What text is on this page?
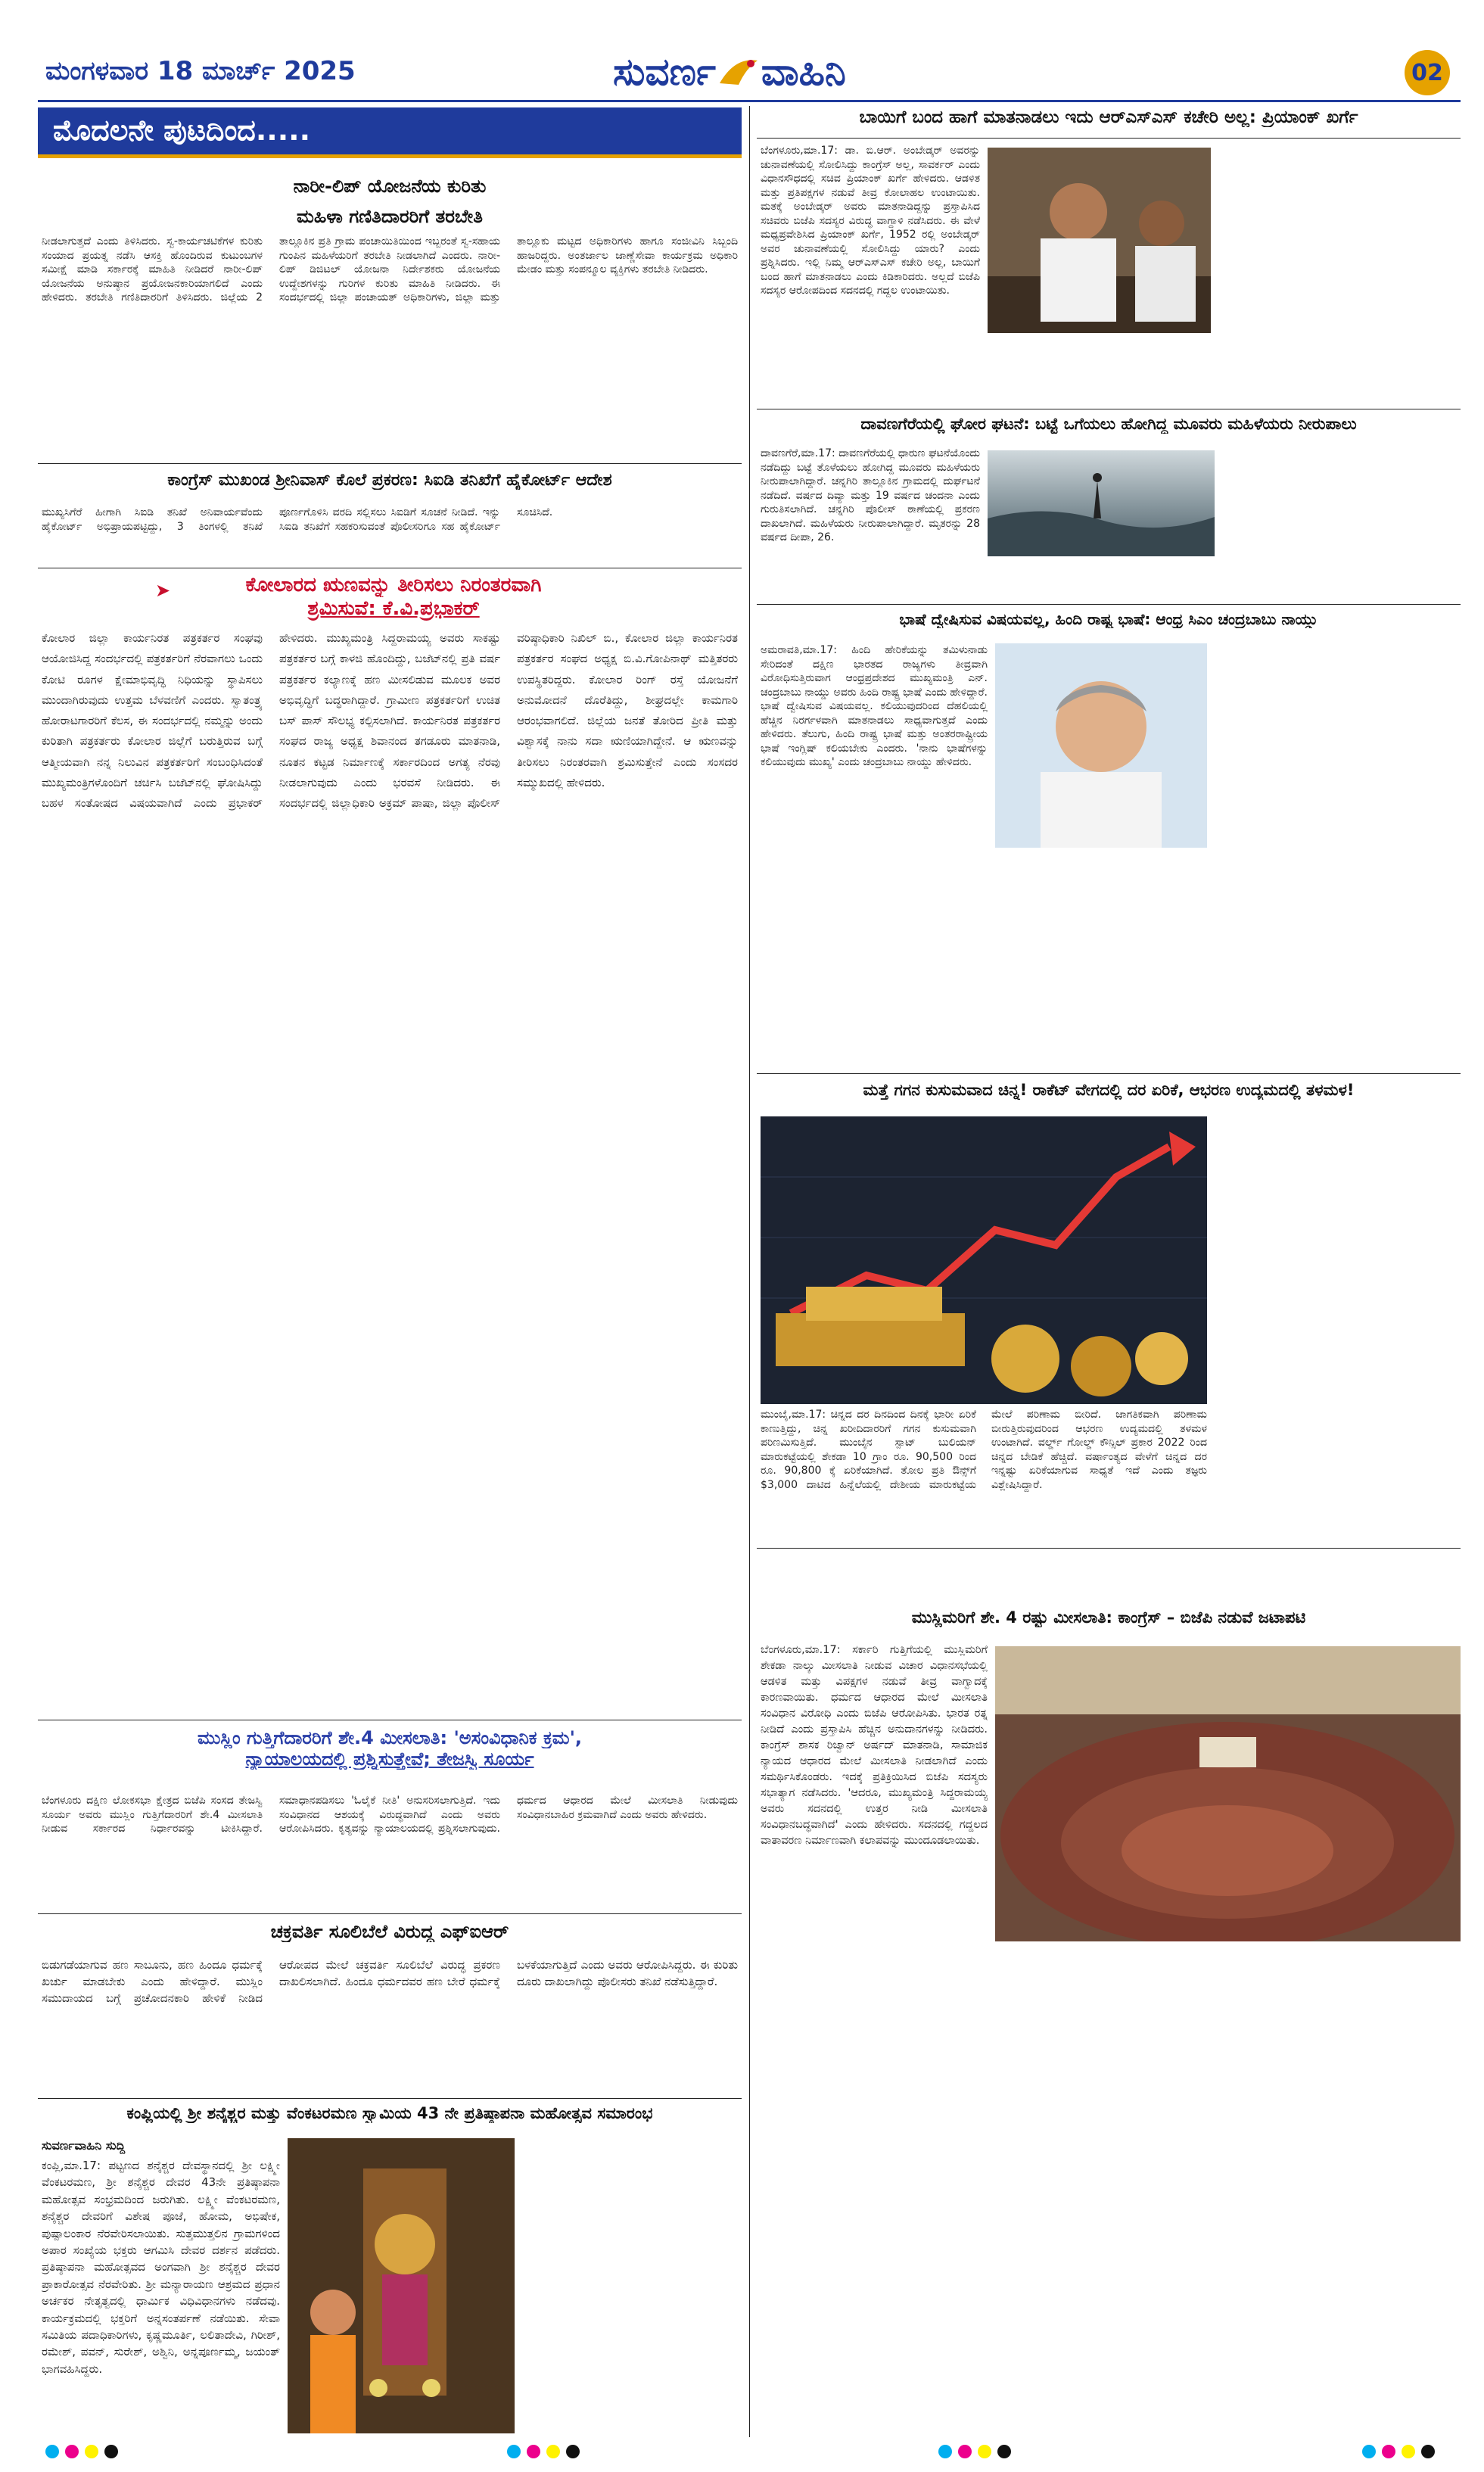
ಮಂಗಳವಾರ 18 ಮಾರ್ಚ್ 2025	ಸುವರ್ಣ ವಾಹಿನಿ	02
ಮೊದಲನೇ ಪುಟದಿಂದ.....
ನಾರೀ-ಲಿಪ್ ಯೋಜನೆಯ ಕುರಿತು
ಮಹಿಳಾ ಗಣಿತಿದಾರರಿಗೆ ತರಬೇತಿ
ನೀಡಲಾಗುತ್ತದೆ ಎಂದು ತಿಳಿಸಿದರು. ಸ್ವ-ಕಾರ್ಯಚಟಿಕೆಗಳ ಕುರಿತು ಸಂಯಾದ ಪ್ರಯತ್ನ ನಡೆಸಿ ಆಸಕ್ತಿ ಹೊಂದಿರುವ ಕುಟುಂಬಗಳ ಸಮೀಕ್ಷೆ ಮಾಡಿ ಸರ್ಕಾರಕ್ಕೆ ಮಾಹಿತಿ ನೀಡಿದರೆ ನಾರೀ-ಲಿಪ್ ಯೋಜನೆಯ ಅನುಷ್ಠಾನ ಪ್ರಯೋಜನಕಾರಿಯಾಗಲಿದೆ ಎಂದು ಹೇಳಿದರು. ತರಬೇತಿ ಗಣಿತಿದಾರರಿಗೆ ತಿಳಿಸಿದರು. ಜಿಲ್ಲೆಯ 2 ತಾಲ್ಲೂಕಿನ ಪ್ರತಿ ಗ್ರಾಮ ಪಂಚಾಯಿತಿಯಿಂದ ಇಬ್ಬರಂತೆ ಸ್ವ-ಸಹಾಯ ಗುಂಪಿನ ಮಹಿಳೆಯರಿಗೆ ತರಬೇತಿ ನೀಡಲಾಗಿದೆ ಎಂದರು. ನಾರೀ-ಲಿಪ್ ಡಿಜಿಟಲ್ ಯೋಜನಾ ನಿರ್ದೇಶಕರು ಯೋಜನೆಯ ಉದ್ದೇಶಗಳನ್ನು ಗುರಿಗಳ ಕುರಿತು ಮಾಹಿತಿ ನೀಡಿದರು. ಈ ಸಂದರ್ಭದಲ್ಲಿ ಜಿಲ್ಲಾ ಪಂಚಾಯತ್ ಅಧಿಕಾರಿಗಳು, ಜಿಲ್ಲಾ ಮತ್ತು ತಾಲ್ಲೂಕು ಮಟ್ಟದ ಅಧಿಕಾರಿಗಳು ಹಾಗೂ ಸಂಜೀವಿನಿ ಸಿಬ್ಬಂದಿ ಹಾಜರಿದ್ದರು. ಅಂತರ್ಜಾಲ ಜಾಣ್ಣೆಸೇವಾ ಕಾರ್ಯಕ್ರಮ ಅಧಿಕಾರಿ ಮೇಡಂ ಮತ್ತು ಸಂಪನ್ಮೂಲ ವ್ಯಕ್ತಿಗಳು ತರಬೇತಿ ನೀಡಿದರು.
ಕಾಂಗ್ರೆಸ್ ಮುಖಂಡ ಶ್ರೀನಿವಾಸ್ ಕೊಲೆ ಪ್ರಕರಣ: ಸಿಐಡಿ ತನಿಖೆಗೆ ಹೈಕೋರ್ಟ್ ಆದೇಶ
ಮುಖ್ಯಸಿಗೆರೆ ಹೀಗಾಗಿ ಸಿಐಡಿ ತನಿಖೆ ಅನಿವಾರ್ಯವೆಂದು ಹೈಕೋರ್ಟ್ ಅಭಿಪ್ರಾಯಪಟ್ಟಿದ್ದು, 3 ತಿಂಗಳಲ್ಲಿ ತನಿಖೆ ಪೂರ್ಣಗೊಳಿಸಿ ವರದಿ ಸಲ್ಲಿಸಲು ಸಿಐಡಿಗೆ ಸೂಚನೆ ನೀಡಿದೆ. ಇನ್ನು ಸಿಐಡಿ ತನಿಖೆಗೆ ಸಹಕರಿಸುವಂತೆ ಪೊಲೀಸರಿಗೂ ಸಹ ಹೈಕೋರ್ಟ್ ಸೂಚಿಸಿದೆ.
➤	ಕೋಲಾರದ ಋಣವನ್ನು ತೀರಿಸಲು ನಿರಂತರವಾಗಿ
ಶ್ರಮಿಸುವೆ: ಕೆ.ವಿ.ಪ್ರಭಾಕರ್
ಕೋಲಾರ ಜಿಲ್ಲಾ ಕಾರ್ಯನಿರತ ಪತ್ರಕರ್ತರ ಸಂಘವು ಆಯೋಜಿಸಿದ್ದ ಸಂದರ್ಭದಲ್ಲಿ ಪತ್ರಕರ್ತರಿಗೆ ನೆರವಾಗಲು ಒಂದು ಕೋಟಿ ರೂಗಳ ಕ್ಷೇಮಾಭಿವೃದ್ಧಿ ನಿಧಿಯನ್ನು ಸ್ಥಾಪಿಸಲು ಮುಂದಾಗಿರುವುದು ಉತ್ತಮ ಬೆಳವಣಿಗೆ ಎಂದರು. ಸ್ವಾತಂತ್ರ್ಯ ಹೋರಾಟಗಾರರಿಗೆ ಕೆಲಸ, ಈ ಸಂದರ್ಭದಲ್ಲಿ ನಮ್ಮನ್ನು ಅಂದು ಕುರಿತಾಗಿ ಪತ್ರಕರ್ತರು ಕೋಲಾರ ಜಿಲ್ಲೆಗೆ ಬರುತ್ತಿರುವ ಬಗ್ಗೆ ಆತ್ಮೀಯವಾಗಿ ನನ್ನ ನಿಲುವಿನ ಪತ್ರಕರ್ತರಿಗೆ ಸಂಬಂಧಿಸಿದಂತೆ ಮುಖ್ಯಮಂತ್ರಿಗಳೊಂದಿಗೆ ಚರ್ಚಿಸಿ ಬಜೆಟ್‌ನಲ್ಲಿ ಘೋಷಿಸಿದ್ದು ಬಹಳ ಸಂತೋಷದ ವಿಷಯವಾಗಿದೆ ಎಂದು ಪ್ರಭಾಕರ್ ಹೇಳಿದರು. ಮುಖ್ಯಮಂತ್ರಿ ಸಿದ್ದರಾಮಯ್ಯ ಅವರು ಸಾಕಷ್ಟು ಪತ್ರಕರ್ತರ ಬಗ್ಗೆ ಕಾಳಜಿ ಹೊಂದಿದ್ದು, ಬಜೆಟ್‌ನಲ್ಲಿ ಪ್ರತಿ ವರ್ಷ ಪತ್ರಕರ್ತರ ಕಲ್ಯಾಣಕ್ಕೆ ಹಣ ಮೀಸಲಿಡುವ ಮೂಲಕ ಅವರ ಅಭಿವೃದ್ಧಿಗೆ ಬದ್ಧರಾಗಿದ್ದಾರೆ. ಗ್ರಾಮೀಣ ಪತ್ರಕರ್ತರಿಗೆ ಉಚಿತ ಬಸ್ ಪಾಸ್ ಸೌಲಭ್ಯ ಕಲ್ಪಿಸಲಾಗಿದೆ. ಕಾರ್ಯನಿರತ ಪತ್ರಕರ್ತರ ಸಂಘದ ರಾಜ್ಯ ಅಧ್ಯಕ್ಷ ಶಿವಾನಂದ ತಗಡೂರು ಮಾತನಾಡಿ, ನೂತನ ಕಟ್ಟಡ ನಿರ್ಮಾಣಕ್ಕೆ ಸರ್ಕಾರದಿಂದ ಅಗತ್ಯ ನೆರವು ನೀಡಲಾಗುವುದು ಎಂದು ಭರವಸೆ ನೀಡಿದರು. ಈ ಸಂದರ್ಭದಲ್ಲಿ ಜಿಲ್ಲಾಧಿಕಾರಿ ಅಕ್ರಮ್ ಪಾಷಾ, ಜಿಲ್ಲಾ ಪೊಲೀಸ್ ವರಿಷ್ಠಾಧಿಕಾರಿ ನಿಖಿಲ್ ಬಿ., ಕೋಲಾರ ಜಿಲ್ಲಾ ಕಾರ್ಯನಿರತ ಪತ್ರಕರ್ತರ ಸಂಘದ ಅಧ್ಯಕ್ಷ ಬಿ.ವಿ.ಗೋಪಿನಾಥ್ ಮತ್ತಿತರರು ಉಪಸ್ಥಿತರಿದ್ದರು. ಕೋಲಾರ ರಿಂಗ್ ರಸ್ತೆ ಯೋಜನೆಗೆ ಅನುಮೋದನೆ ದೊರೆತಿದ್ದು, ಶೀಘ್ರದಲ್ಲೇ ಕಾಮಗಾರಿ ಆರಂಭವಾಗಲಿದೆ. ಜಿಲ್ಲೆಯ ಜನತೆ ತೋರಿದ ಪ್ರೀತಿ ಮತ್ತು ವಿಶ್ವಾಸಕ್ಕೆ ನಾನು ಸದಾ ಋಣಿಯಾಗಿದ್ದೇನೆ. ಆ ಋಣವನ್ನು ತೀರಿಸಲು ನಿರಂತರವಾಗಿ ಶ್ರಮಿಸುತ್ತೇನೆ ಎಂದು ಸಂಸದರ ಸಮ್ಮುಖದಲ್ಲಿ ಹೇಳಿದರು.
ಮುಸ್ಲಿಂ ಗುತ್ತಿಗೆದಾರರಿಗೆ ಶೇ.4 ಮೀಸಲಾತಿ: 'ಅಸಂವಿಧಾನಿಕ ಕ್ರಮ',
ನ್ಯಾಯಾಲಯದಲ್ಲಿ ಪ್ರಶ್ನಿಸುತ್ತೇವೆ; ತೇಜಸ್ವಿ ಸೂರ್ಯ
ಬೆಂಗಳೂರು ದಕ್ಷಿಣ ಲೋಕಸಭಾ ಕ್ಷೇತ್ರದ ಬಿಜೆಪಿ ಸಂಸದ ತೇಜಸ್ವಿ ಸೂರ್ಯ ಅವರು ಮುಸ್ಲಿಂ ಗುತ್ತಿಗೆದಾರರಿಗೆ ಶೇ.4 ಮೀಸಲಾತಿ ನೀಡುವ ಸರ್ಕಾರದ ನಿರ್ಧಾರವನ್ನು ಟೀಕಿಸಿದ್ದಾರೆ. ಸಮಾಧಾನಪಡಿಸಲು 'ಓಲೈಕೆ ನೀತಿ' ಅನುಸರಿಸಲಾಗುತ್ತಿದೆ. ಇದು ಸಂವಿಧಾನದ ಆಶಯಕ್ಕೆ ವಿರುದ್ಧವಾಗಿದೆ ಎಂದು ಅವರು ಆರೋಪಿಸಿದರು. ಕೃತ್ಯವನ್ನು ನ್ಯಾಯಾಲಯದಲ್ಲಿ ಪ್ರಶ್ನಿಸಲಾಗುವುದು. ಧರ್ಮದ ಆಧಾರದ ಮೇಲೆ ಮೀಸಲಾತಿ ನೀಡುವುದು ಸಂವಿಧಾನಬಾಹಿರ ಕ್ರಮವಾಗಿದೆ ಎಂದು ಅವರು ಹೇಳಿದರು.
ಚಕ್ರವರ್ತಿ ಸೂಲಿಬೆಲೆ ವಿರುದ್ಧ ಎಫ್‌ಐಆರ್
ಬಿಡುಗಡೆಯಾಗುವ ಹಣ ಸಾಬೂನು, ಹಣ ಹಿಂದೂ ಧರ್ಮಕ್ಕೆ ಖರ್ಚು ಮಾಡಬೇಕು ಎಂದು ಹೇಳಿದ್ದಾರೆ. ಮುಸ್ಲಿಂ ಸಮುದಾಯದ ಬಗ್ಗೆ ಪ್ರಚೋದನಕಾರಿ ಹೇಳಿಕೆ ನೀಡಿದ ಆರೋಪದ ಮೇಲೆ ಚಕ್ರವರ್ತಿ ಸೂಲಿಬೆಲೆ ವಿರುದ್ಧ ಪ್ರಕರಣ ದಾಖಲಿಸಲಾಗಿದೆ. ಹಿಂದೂ ಧರ್ಮದವರ ಹಣ ಬೇರೆ ಧರ್ಮಕ್ಕೆ ಬಳಕೆಯಾಗುತ್ತಿದೆ ಎಂದು ಅವರು ಆರೋಪಿಸಿದ್ದರು. ಈ ಕುರಿತು ದೂರು ದಾಖಲಾಗಿದ್ದು ಪೊಲೀಸರು ತನಿಖೆ ನಡೆಸುತ್ತಿದ್ದಾರೆ.
ಕಂಪ್ಲಿಯಲ್ಲಿ ಶ್ರೀ ಶನೈಶ್ಚರ ಮತ್ತು ವೆಂಕಟರಮಣ ಸ್ವಾಮಿಯ 43 ನೇ ಪ್ರತಿಷ್ಠಾಪನಾ ಮಹೋತ್ಸವ ಸಮಾರಂಭ
ಸುವರ್ಣವಾಹಿನಿ ಸುದ್ದಿ
ಕಂಪ್ಲಿ,ಮಾ.17: ಪಟ್ಟಣದ ಶನೈಶ್ಚರ ದೇವಸ್ಥಾನದಲ್ಲಿ ಶ್ರೀ ಲಕ್ಷ್ಮೀ ವೆಂಕಟರಮಣ, ಶ್ರೀ ಶನೈಶ್ಚರ ದೇವರ 43ನೇ ಪ್ರತಿಷ್ಠಾಪನಾ ಮಹೋತ್ಸವ ಸಂಭ್ರಮದಿಂದ ಜರುಗಿತು. ಲಕ್ಷ್ಮೀ ವೆಂಕಟರಮಣ, ಶನೈಶ್ಚರ ದೇವರಿಗೆ ವಿಶೇಷ ಪೂಜೆ, ಹೋಮ, ಅಭಿಷೇಕ, ಪುಷ್ಪಾಲಂಕಾರ ನೆರವೇರಿಸಲಾಯಿತು. ಸುತ್ತಮುತ್ತಲಿನ ಗ್ರಾಮಗಳಿಂದ ಅಪಾರ ಸಂಖ್ಯೆಯ ಭಕ್ತರು ಆಗಮಿಸಿ ದೇವರ ದರ್ಶನ ಪಡೆದರು. ಪ್ರತಿಷ್ಠಾಪನಾ ಮಹೋತ್ಸವದ ಅಂಗವಾಗಿ ಶ್ರೀ ಶನೈಶ್ಚರ ದೇವರ ಪ್ರಾಕಾರೋತ್ಸವ ನೆರವೇರಿತು. ಶ್ರೀ ಮನ್ಯಾರಾಯಣ ಆಶ್ರಮದ ಪ್ರಧಾನ ಅರ್ಚಕರ ನೇತೃತ್ವದಲ್ಲಿ ಧಾರ್ಮಿಕ ವಿಧಿವಿಧಾನಗಳು ನಡೆದವು. ಕಾರ್ಯಕ್ರಮದಲ್ಲಿ ಭಕ್ತರಿಗೆ ಅನ್ನಸಂತರ್ಪಣೆ ನಡೆಯಿತು. ಸೇವಾ ಸಮಿತಿಯ ಪದಾಧಿಕಾರಿಗಳು, ಕೃಷ್ಣಮೂರ್ತಿ, ಲಲಿತಾದೇವಿ, ಗಿರೀಶ್, ರಮೇಶ್, ಪವನ್, ಸುರೇಶ್, ಅಶ್ವಿನಿ, ಅನ್ನಪೂರ್ಣಮ್ಮ, ಜಯಂತ್ ಭಾಗವಹಿಸಿದ್ದರು.
ಬಾಯಿಗೆ ಬಂದ ಹಾಗೆ ಮಾತನಾಡಲು ಇದು ಆರ್‌ಎಸ್‌ಎಸ್ ಕಚೇರಿ ಅಲ್ಲ: ಪ್ರಿಯಾಂಕ್ ಖರ್ಗೆ
ಬೆಂಗಳೂರು,ಮಾ.17: ಡಾ. ಬಿ.ಆರ್. ಅಂಬೇಡ್ಕರ್ ಅವರನ್ನು ಚುನಾವಣೆಯಲ್ಲಿ ಸೋಲಿಸಿದ್ದು ಕಾಂಗ್ರೆಸ್ ಅಲ್ಲ, ಸಾವರ್ಕರ್ ಎಂದು ವಿಧಾನಸೌಧದಲ್ಲಿ ಸಚಿವ ಪ್ರಿಯಾಂಕ್ ಖರ್ಗೆ ಹೇಳಿದರು. ಆಡಳಿತ ಮತ್ತು ಪ್ರತಿಪಕ್ಷಗಳ ನಡುವೆ ತೀವ್ರ ಕೋಲಾಹಲ ಉಂಟಾಯಿತು. ಮತಕ್ಕೆ ಅಂಬೇಡ್ಕರ್ ಅವರು ಮಾತನಾಡಿದ್ದನ್ನು ಪ್ರಸ್ತಾಪಿಸಿದ ಸಚಿವರು ಬಿಜೆಪಿ ಸದಸ್ಯರ ವಿರುದ್ಧ ವಾಗ್ದಾಳಿ ನಡೆಸಿದರು. ಈ ವೇಳೆ ಮಧ್ಯಪ್ರವೇಶಿಸಿದ ಪ್ರಿಯಾಂಕ್ ಖರ್ಗೆ, 1952 ರಲ್ಲಿ ಅಂಬೇಡ್ಕರ್ ಅವರ ಚುನಾವಣೆಯಲ್ಲಿ ಸೋಲಿಸಿದ್ದು ಯಾರು? ಎಂದು ಪ್ರಶ್ನಿಸಿದರು. ಇಲ್ಲಿ ನಿಮ್ಮ ಆರ್‌ಎಸ್‌ಎಸ್ ಕಚೇರಿ ಅಲ್ಲ, ಬಾಯಿಗೆ ಬಂದ ಹಾಗೆ ಮಾತನಾಡಲು ಎಂದು ಕಿಡಿಕಾರಿದರು. ಅಲ್ಲದೆ ಬಿಜೆಪಿ ಸದಸ್ಯರ ಆರೋಪದಿಂದ ಸದನದಲ್ಲಿ ಗದ್ದಲ ಉಂಟಾಯಿತು.
ದಾವಣಗೆರೆಯಲ್ಲಿ ಘೋರ ಘಟನೆ: ಬಟ್ಟೆ ಒಗೆಯಲು ಹೋಗಿದ್ದ ಮೂವರು ಮಹಿಳೆಯರು ನೀರುಪಾಲು
ದಾವಣಗೆರೆ,ಮಾ.17: ದಾವಣಗೆರೆಯಲ್ಲಿ ಧಾರುಣ ಘಟನೆಯೊಂದು ನಡೆದಿದ್ದು ಬಟ್ಟೆ ತೊಳೆಯಲು ಹೋಗಿದ್ದ ಮೂವರು ಮಹಿಳೆಯರು ನೀರುಪಾಲಾಗಿದ್ದಾರೆ. ಚನ್ನಗಿರಿ ತಾಲ್ಲೂಕಿನ ಗ್ರಾಮದಲ್ಲಿ ದುರ್ಘಟನೆ ನಡೆದಿದೆ. ವರ್ಷದ ದಿವ್ಯಾ ಮತ್ತು 19 ವರ್ಷದ ಚಂದನಾ ಎಂದು ಗುರುತಿಸಲಾಗಿದೆ. ಚನ್ನಗಿರಿ ಪೊಲೀಸ್ ಠಾಣೆಯಲ್ಲಿ ಪ್ರಕರಣ ದಾಖಲಾಗಿದೆ. ಮಹಿಳೆಯರು ನೀರುಪಾಲಾಗಿದ್ದಾರೆ. ಮೃತರನ್ನು 28 ವರ್ಷದ ದೀಪಾ, 26.
ಭಾಷೆ ದ್ವೇಷಿಸುವ ವಿಷಯವಲ್ಲ, ಹಿಂದಿ ರಾಷ್ಟ್ರ ಭಾಷೆ: ಆಂಧ್ರ ಸಿಎಂ ಚಂದ್ರಬಾಬು ನಾಯ್ಡು
ಅಮರಾವತಿ,ಮಾ.17: ಹಿಂದಿ ಹೇರಿಕೆಯನ್ನು ತಮಿಳುನಾಡು ಸೇರಿದಂತೆ ದಕ್ಷಿಣ ಭಾರತದ ರಾಜ್ಯಗಳು ತೀವ್ರವಾಗಿ ವಿರೋಧಿಸುತ್ತಿರುವಾಗ ಆಂಧ್ರಪ್ರದೇಶದ ಮುಖ್ಯಮಂತ್ರಿ ಎನ್. ಚಂದ್ರಬಾಬು ನಾಯ್ಡು ಅವರು ಹಿಂದಿ ರಾಷ್ಟ್ರ ಭಾಷೆ ಎಂದು ಹೇಳಿದ್ದಾರೆ. ಭಾಷೆ ದ್ವೇಷಿಸುವ ವಿಷಯವಲ್ಲ. ಕಲಿಯುವುದರಿಂದ ದೆಹಲಿಯಲ್ಲಿ ಹೆಚ್ಚಿನ ನಿರರ್ಗಳವಾಗಿ ಮಾತನಾಡಲು ಸಾಧ್ಯವಾಗುತ್ತದೆ ಎಂದು ಹೇಳಿದರು. ತೆಲುಗು, ಹಿಂದಿ ರಾಷ್ಟ್ರ ಭಾಷೆ ಮತ್ತು ಅಂತರರಾಷ್ಟ್ರೀಯ ಭಾಷೆ ಇಂಗ್ಲಿಷ್ ಕಲಿಯಬೇಕು ಎಂದರು. 'ನಾನು ಭಾಷೆಗಳನ್ನು ಕಲಿಯುವುದು ಮುಖ್ಯ' ಎಂದು ಚಂದ್ರಬಾಬು ನಾಯ್ಡು ಹೇಳಿದರು.
ಮತ್ತೆ ಗಗನ ಕುಸುಮವಾದ ಚಿನ್ನ! ರಾಕೆಟ್ ವೇಗದಲ್ಲಿ ದರ ಏರಿಕೆ, ಆಭರಣ ಉದ್ಯಮದಲ್ಲಿ ತಳಮಳ!
ಮುಂಬೈ,ಮಾ.17: ಚಿನ್ನದ ದರ ದಿನದಿಂದ ದಿನಕ್ಕೆ ಭಾರೀ ಏರಿಕೆ ಕಾಣುತ್ತಿದ್ದು, ಚಿನ್ನ ಖರೀದಿದಾರರಿಗೆ ಗಗನ ಕುಸುಮವಾಗಿ ಪರಿಣಮಿಸುತ್ತಿದೆ. ಮುಂಬೈನ ಸ್ಪಾಟ್ ಬುಲಿಯನ್ ಮಾರುಕಟ್ಟೆಯಲ್ಲಿ ಶೇಕಡಾ 10 ಗ್ರಾಂ ರೂ. 90,500 ರಿಂದ ರೂ. 90,800 ಕ್ಕೆ ಏರಿಕೆಯಾಗಿದೆ. ತೋಲ ಪ್ರತಿ ಔನ್ಸ್‌ಗೆ $3,000 ದಾಟಿದ ಹಿನ್ನೆಲೆಯಲ್ಲಿ ದೇಶೀಯ ಮಾರುಕಟ್ಟೆಯ ಮೇಲೆ ಪರಿಣಾಮ ಬೀರಿದೆ. ಜಾಗತಿಕವಾಗಿ ಪರಿಣಾಮ ಬೀರುತ್ತಿರುವುದರಿಂದ ಆಭರಣ ಉದ್ಯಮದಲ್ಲಿ ತಳಮಳ ಉಂಟಾಗಿದೆ. ವರ್ಲ್ಡ್ ಗೋಲ್ಡ್ ಕೌನ್ಸಿಲ್ ಪ್ರಕಾರ 2022 ರಿಂದ ಚಿನ್ನದ ಬೇಡಿಕೆ ಹೆಚ್ಚಿದೆ. ವರ್ಷಾಂತ್ಯದ ವೇಳೆಗೆ ಚಿನ್ನದ ದರ ಇನ್ನಷ್ಟು ಏರಿಕೆಯಾಗುವ ಸಾಧ್ಯತೆ ಇದೆ ಎಂದು ತಜ್ಞರು ವಿಶ್ಲೇಷಿಸಿದ್ದಾರೆ.
ಮುಸ್ಲಿಮರಿಗೆ ಶೇ. 4 ರಷ್ಟು ಮೀಸಲಾತಿ: ಕಾಂಗ್ರೆಸ್ – ಬಿಜೆಪಿ ನಡುವೆ ಜಟಾಪಟಿ
ಬೆಂಗಳೂರು,ಮಾ.17: ಸರ್ಕಾರಿ ಗುತ್ತಿಗೆಯಲ್ಲಿ ಮುಸ್ಲಿಮರಿಗೆ ಶೇಕಡಾ ನಾಲ್ಕು ಮೀಸಲಾತಿ ನೀಡುವ ವಿಚಾರ ವಿಧಾನಸಭೆಯಲ್ಲಿ ಆಡಳಿತ ಮತ್ತು ವಿಪಕ್ಷಗಳ ನಡುವೆ ತೀವ್ರ ವಾಗ್ವಾದಕ್ಕೆ ಕಾರಣವಾಯಿತು. ಧರ್ಮದ ಆಧಾರದ ಮೇಲೆ ಮೀಸಲಾತಿ ಸಂವಿಧಾನ ವಿರೋಧಿ ಎಂದು ಬಿಜೆಪಿ ಆರೋಪಿಸಿತು. ಭಾರತ ರತ್ನ ನೀಡಿದೆ ಎಂದು ಪ್ರಸ್ತಾಪಿಸಿ ಹೆಚ್ಚಿನ ಅನುದಾನಗಳನ್ನು ನೀಡಿದರು. ಕಾಂಗ್ರೆಸ್ ಶಾಸಕ ರಿಜ್ವಾನ್ ಅರ್ಷದ್ ಮಾತನಾಡಿ, ಸಾಮಾಜಿಕ ನ್ಯಾಯದ ಆಧಾರದ ಮೇಲೆ ಮೀಸಲಾತಿ ನೀಡಲಾಗಿದೆ ಎಂದು ಸಮರ್ಥಿಸಿಕೊಂಡರು. ಇದಕ್ಕೆ ಪ್ರತಿಕ್ರಿಯಿಸಿದ ಬಿಜೆಪಿ ಸದಸ್ಯರು ಸಭಾತ್ಯಾಗ ನಡೆಸಿದರು. 'ಆದರೂ, ಮುಖ್ಯಮಂತ್ರಿ ಸಿದ್ದರಾಮಯ್ಯ ಅವರು ಸದನದಲ್ಲಿ ಉತ್ತರ ನೀಡಿ ಮೀಸಲಾತಿ ಸಂವಿಧಾನಬದ್ಧವಾಗಿದೆ' ಎಂದು ಹೇಳಿದರು. ಸದನದಲ್ಲಿ ಗದ್ದಲದ ವಾತಾವರಣ ನಿರ್ಮಾಣವಾಗಿ ಕಲಾಪವನ್ನು ಮುಂದೂಡಲಾಯಿತು.
